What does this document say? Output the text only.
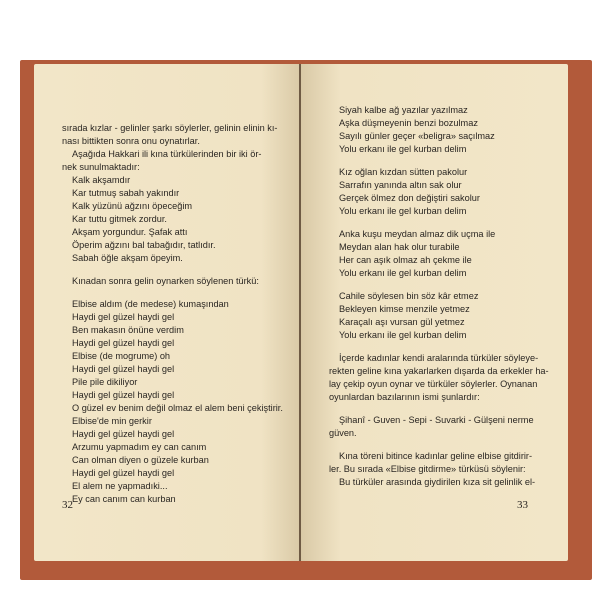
sırada kızlar - gelinler şarkı söylerler, gelinin elinin kı-
nası bittikten sonra onu oynatırlar.
Aşağıda Hakkari ili kına türkülerinden bir iki ör-
nek sunulmaktadır:
Kalk akşamdır
Kar tutmuş sabah yakındır
Kalk yüzünü ağzını öpeceğim
Kar tuttu gitmek zordur.
Akşam yorgundur. Şafak attı
Öperim ağzını bal tabağıdır, tatlıdır.
Sabah öğle akşam öpeyim.
Kınadan sonra gelin oynarken söylenen türkü:
Elbise aldım (de medese) kumaşından
Haydi gel güzel haydi gel
Ben makasın önüne verdim
Haydi gel güzel haydi gel
Elbise (de mogrume) oh
Haydi gel güzel haydi gel
Pile pile dikiliyor
Haydi gel güzel haydi gel
O güzel ev benim değil olmaz el alem beni çekiştirir.
Elbise'de min gerkir
Haydi gel güzel haydi gel
Arzumu yapmadım ey can canım
Can olman diyen o güzele kurban
Haydi gel güzel haydi gel
El alem ne yapmadıki...
Ey can canım can kurban
32
Siyah kalbe ağ yazılar yazılmaz
Aşka düşmeyenin benzi bozulmaz
Sayılı günler geçer «beligra» saçılmaz
Yolu erkanı ile gel kurban delim
Kız oğlan kızdan sütten pakolur
Sarrafın yanında altın sak olur
Gerçek ölmez don değiştiri sakolur
Yolu erkanı ile gel kurban delim
Anka kuşu meydan almaz dik uçma ile
Meydan alan hak olur turabile
Her can aşık olmaz ah çekme ile
Yolu erkanı ile gel kurban delim
Cahile söylesen bin söz kâr etmez
Bekleyen kimse menzile yetmez
Karaçalı aşı vursan gül yetmez
Yolu erkanı ile gel kurban delim
İçerde kadınlar kendi aralarında türküler söyleye-
rekten geline kına yakarlarken dışarda da erkekler ha-
lay çekip oyun oynar ve türküler söylerler. Oynanan
oyunlardan bazılarının ismi şunlardır:
Şihanî - Guven - Sepi - Suvarki - Gülşeni nerme
güven.
Kına töreni bitince kadınlar geline elbise gitdirir-
ler. Bu sırada «Elbise gitdirme» türküsü söylenir:
Bu türküler arasında giydirilen kıza sit gelinlik el-
33
